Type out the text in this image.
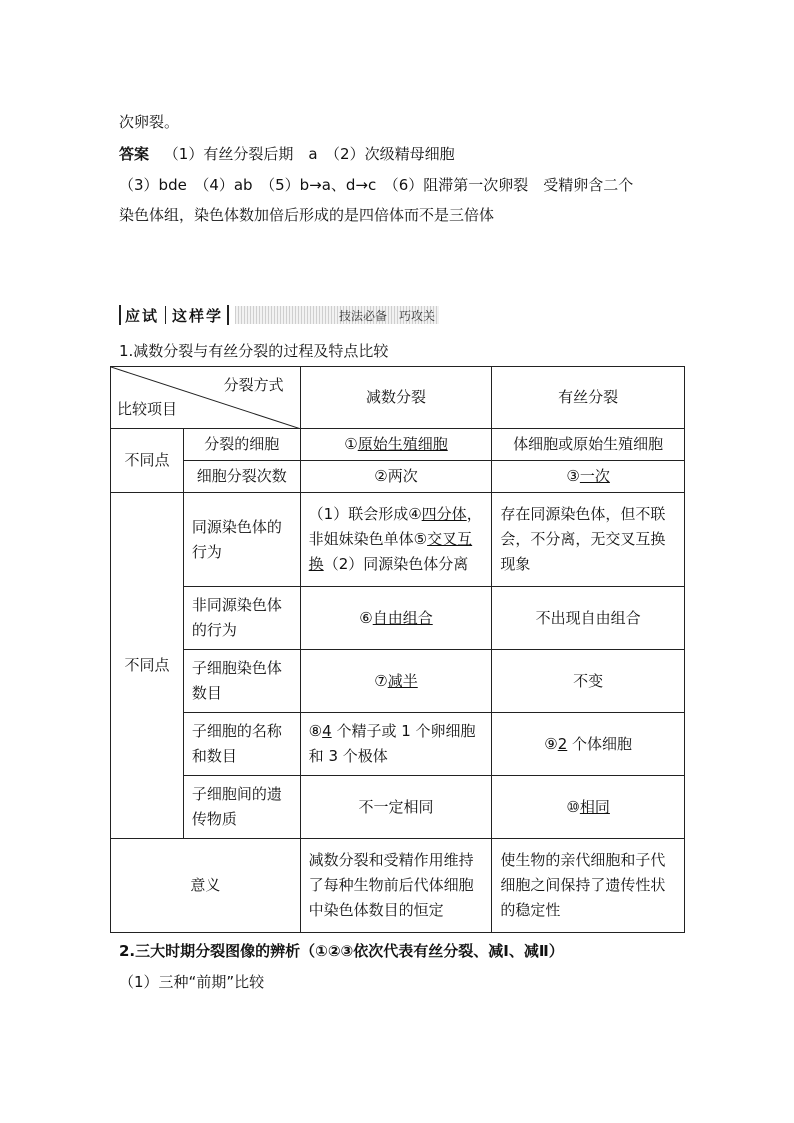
次卵裂。
答案 （1）有丝分裂后期　a　（2）次级精母细胞
（3）bde　（4）ab　（5）b→a、d→c　（6）阻滞第一次卵裂　受精卵含二个
染色体组，染色体数加倍后形成的是四倍体而不是三倍体
应试 这样学	技法必备　巧攻关
1.减数分裂与有丝分裂的过程及特点比较
分裂方式
比较项目		减数分裂	有丝分裂
不同点	分裂的细胞	①原始生殖细胞	体细胞或原始生殖细胞
	细胞分裂次数	②两次	③一次
不同点	同源染色体的行为	（1）联会形成④四分体，非姐妹染色单体⑤交叉互换（2）同源染色体分离	存在同源染色体，但不联会，不分离，无交叉互换现象
	非同源染色体的行为	⑥自由组合	不出现自由组合
	子细胞染色体数目	⑦减半	不变
	子细胞的名称和数目	⑧4 个精子或 1 个卵细胞和 3 个极体	⑨2 个体细胞
	子细胞间的遗传物质	不一定相同	⑩相同
意义		减数分裂和受精作用维持了每种生物前后代体细胞中染色体数目的恒定	使生物的亲代细胞和子代细胞之间保持了遗传性状的稳定性
2.三大时期分裂图像的辨析（①②③依次代表有丝分裂、减Ⅰ、减Ⅱ）
（1）三种“前期”比较
